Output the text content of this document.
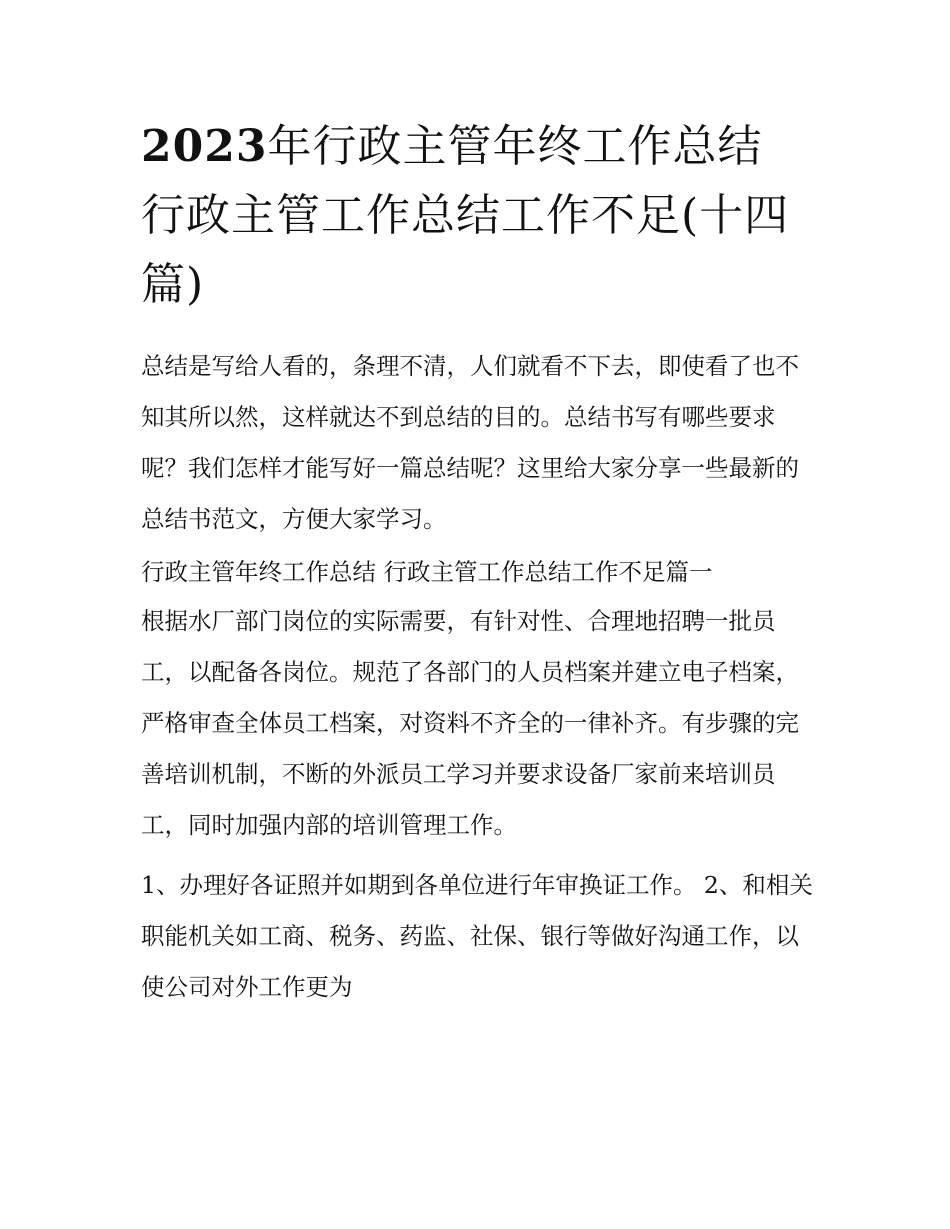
2023年行政主管年终工作总结 行政主管工作总结工作不足(十四篇)

总结是写给人看的，条理不清，人们就看不下去，即使看了也不知其所以然，这样就达不到总结的目的。总结书写有哪些要求呢？我们怎样才能写好一篇总结呢？这里给大家分享一些最新的总结书范文，方便大家学习。

行政主管年终工作总结 行政主管工作总结工作不足篇一

根据水厂部门岗位的实际需要，有针对性、合理地招聘一批员工，以配备各岗位。规范了各部门的人员档案并建立电子档案，严格审查全体员工档案，对资料不齐全的一律补齐。有步骤的完善培训机制，不断的外派员工学习并要求设备厂家前来培训员工，同时加强内部的培训管理工作。

1、办理好各证照并如期到各单位进行年审换证工作。 2、和相关职能机关如工商、税务、药监、社保、银行等做好沟通工作，以使公司对外工作更为
